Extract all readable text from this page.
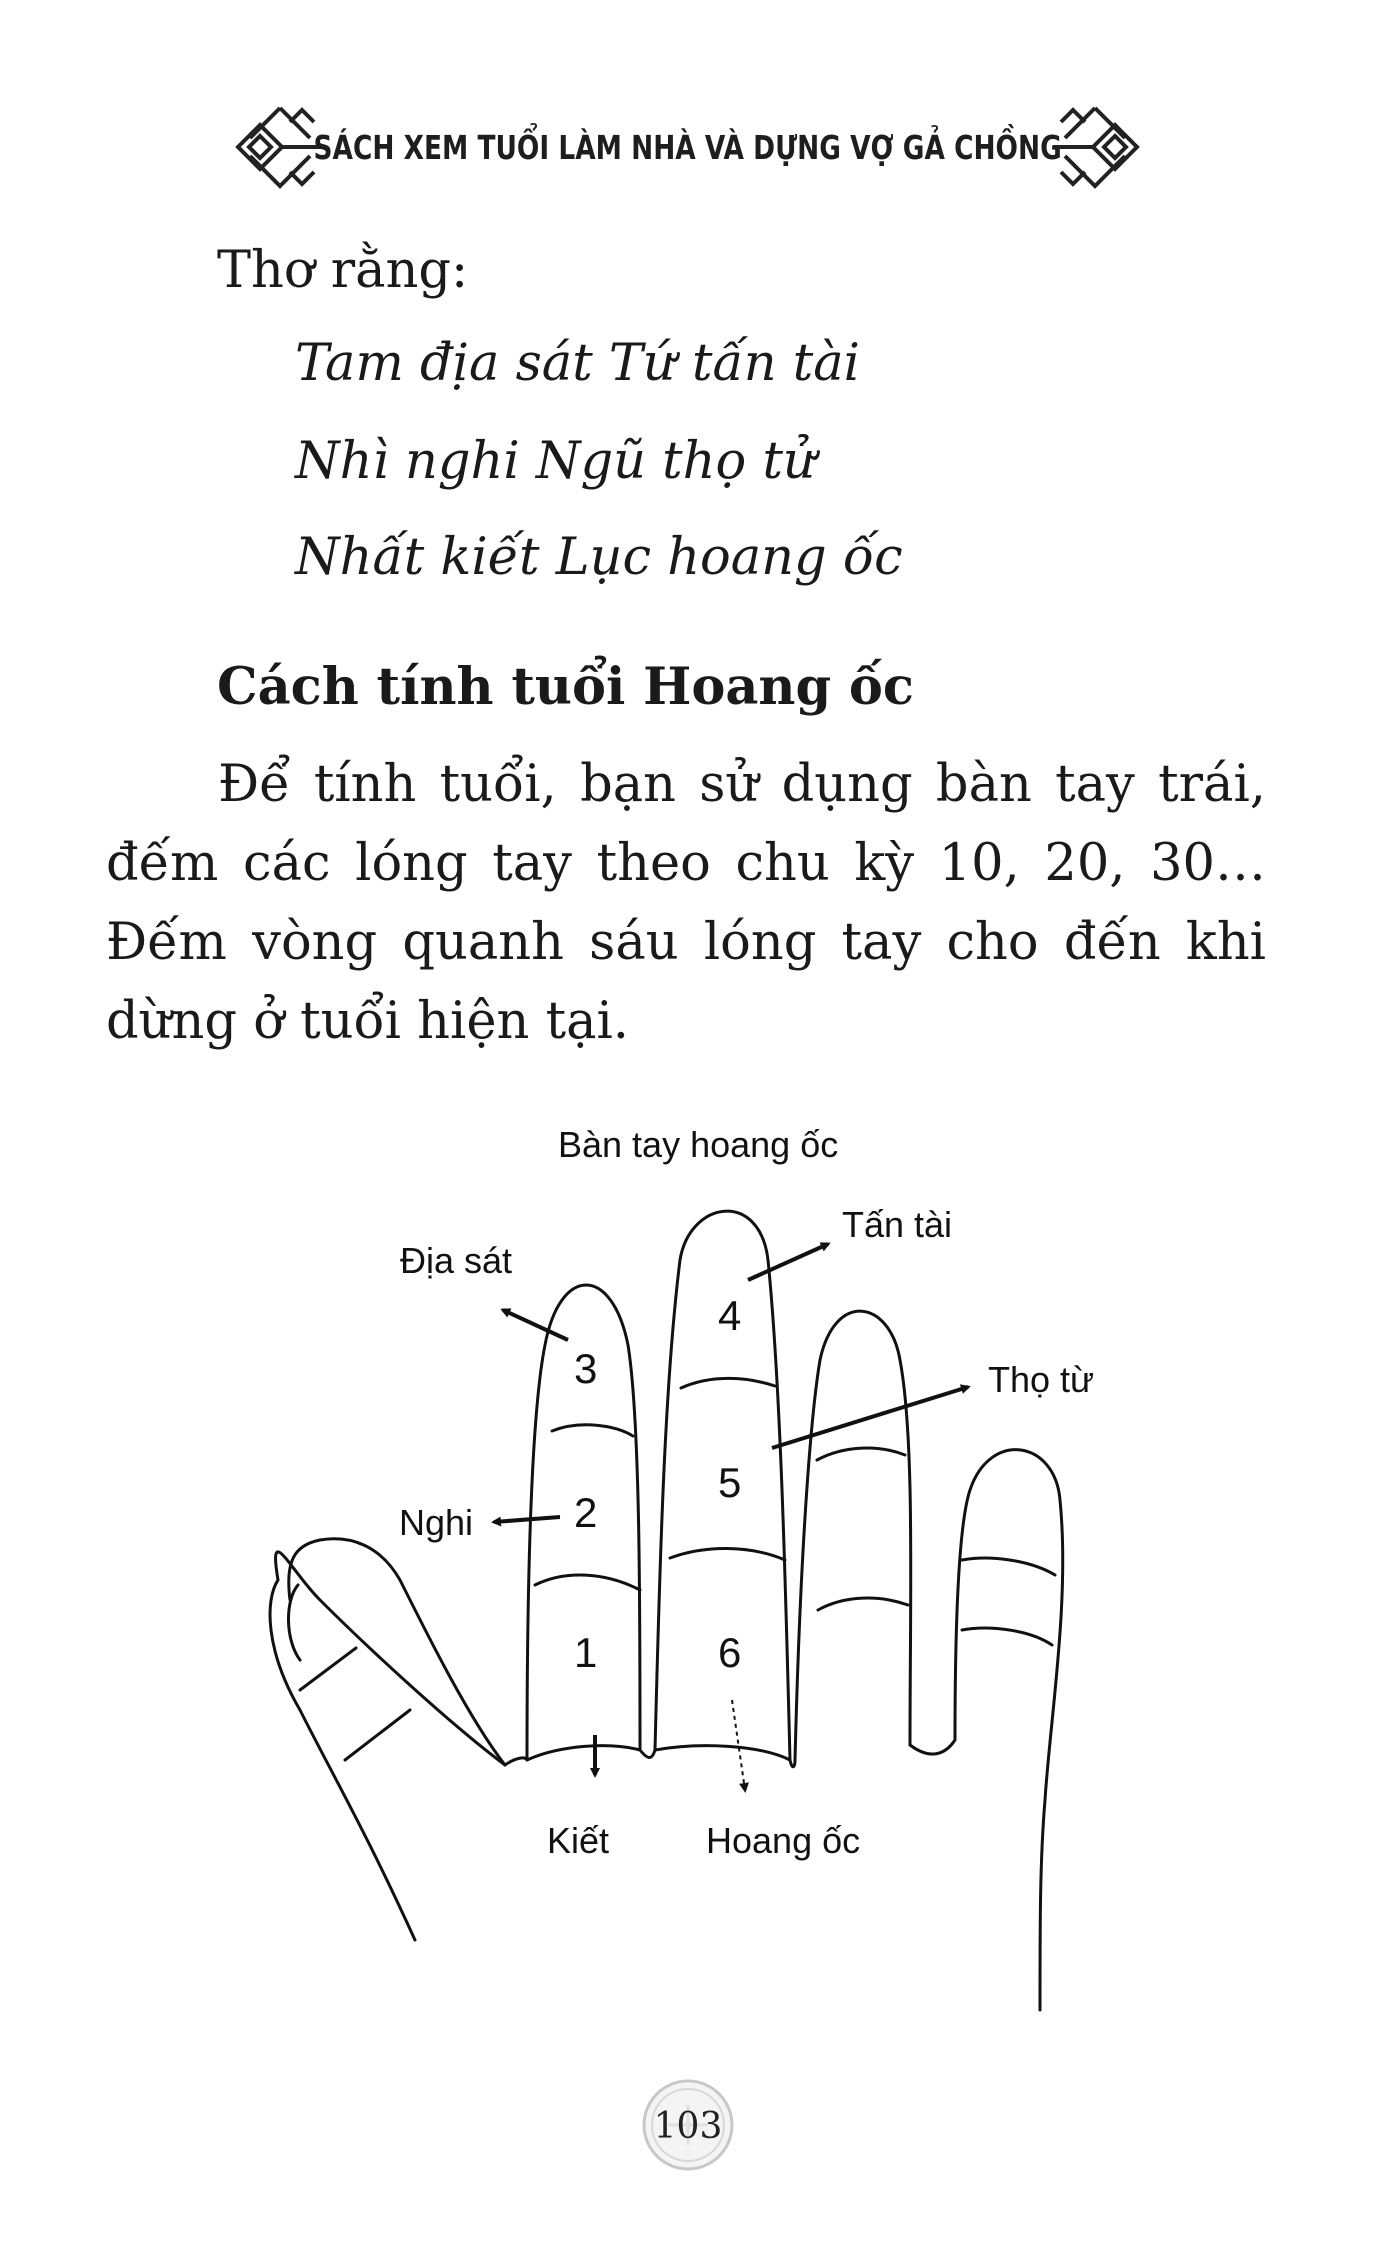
SÁCH XEM TUỔI LÀM NHÀ VÀ DỰNG VỢ GẢ CHỒNG
Thơ rằng:
Tam địa sát Tứ tấn tài
Nhì nghi Ngũ thọ tử
Nhất kiết Lục hoang ốc
Cách tính tuổi Hoang ốc
Để tính tuổi, bạn sử dụng bàn tay trái, đếm các lóng tay theo chu kỳ 10, 20, 30… Đếm vòng quanh sáu lóng tay cho đến khi dừng ở tuổi hiện tại.
Bàn tay hoang ốc
3
2
1
4
5
6
Địa sát
Tấn tài
Thọ từ
Nghi
Kiết	Hoang ốc
103
